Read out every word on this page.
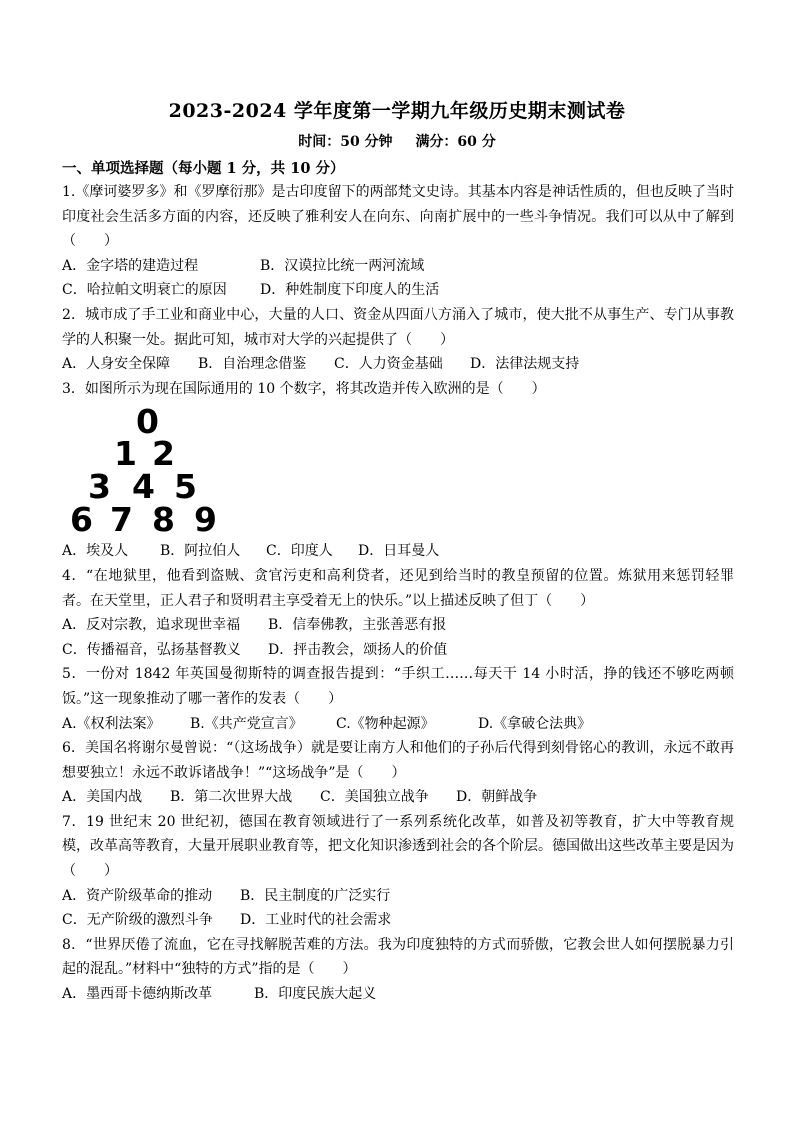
2023-2024 学年度第一学期九年级历史期末测试卷
时间：50 分钟 满分：60 分
一、单项选择题（每小题 1 分，共 10 分）

1.《摩诃婆罗多》和《罗摩衍那》是古印度留下的两部梵文史诗。其基本内容是神话性质的，但也反映了当时印度社会生活多方面的内容，还反映了雅利安人在向东、向南扩展中的一些斗争情况。我们可以从中了解到（　　）

A．金字塔的建造过程	B．汉谟拉比统一两河流域
C．哈拉帕文明衰亡的原因	D．种姓制度下印度人的生活

2．城市成了手工业和商业中心，大量的人口、资金从四面八方涌入了城市，使大批不从事生产、专门从事教学的人积聚一处。据此可知，城市对大学的兴起提供了（　　）

A．人身安全保障	B．自治理念借鉴	C．人力资金基础	D．法律法规支持

3．如图所示为现在国际通用的 10 个数字，将其改造并传入欧洲的是（　　）

0
1 2
3 4 5
6 7 8 9
A．埃及人	B．阿拉伯人	C．印度人	D．日耳曼人

4．“在地狱里，他看到盗贼、贪官污吏和高利贷者，还见到给当时的教皇预留的位置。炼狱用来惩罚轻罪者。在天堂里，正人君子和贤明君主享受着无上的快乐。”以上描述反映了但丁（　　）

A．反对宗教，追求现世幸福	B．信奉佛教，主张善恶有报
C．传播福音，弘扬基督教义	D．抨击教会，颂扬人的价值

5．一份对 1842 年英国曼彻斯特的调查报告提到：“手织工……每天干 14 小时活，挣的钱还不够吃两顿饭。”这一现象推动了哪一著作的发表（　　）

A.《权利法案》	B.《共产党宣言》	C.《物种起源》	D.《拿破仑法典》

6．美国名将谢尔曼曾说：“（这场战争）就是要让南方人和他们的子孙后代得到刻骨铭心的教训，永远不敢再想要独立！永远不敢诉诸战争！”“这场战争”是（　　）

A．美国内战	B．第二次世界大战	C．美国独立战争	D．朝鲜战争

7．19 世纪末 20 世纪初，德国在教育领域进行了一系列系统化改革，如普及初等教育，扩大中等教育规模，改革高等教育，大量开展职业教育等，把文化知识渗透到社会的各个阶层。德国做出这些改革主要是因为（　　）

A．资产阶级革命的推动	B．民主制度的广泛实行
C．无产阶级的激烈斗争	D．工业时代的社会需求

8．“世界厌倦了流血，它在寻找解脱苦难的方法。我为印度独特的方式而骄傲，它教会世人如何摆脱暴力引起的混乱。”材料中“独特的方式”指的是（　　）

A．墨西哥卡德纳斯改革	B．印度民族大起义
